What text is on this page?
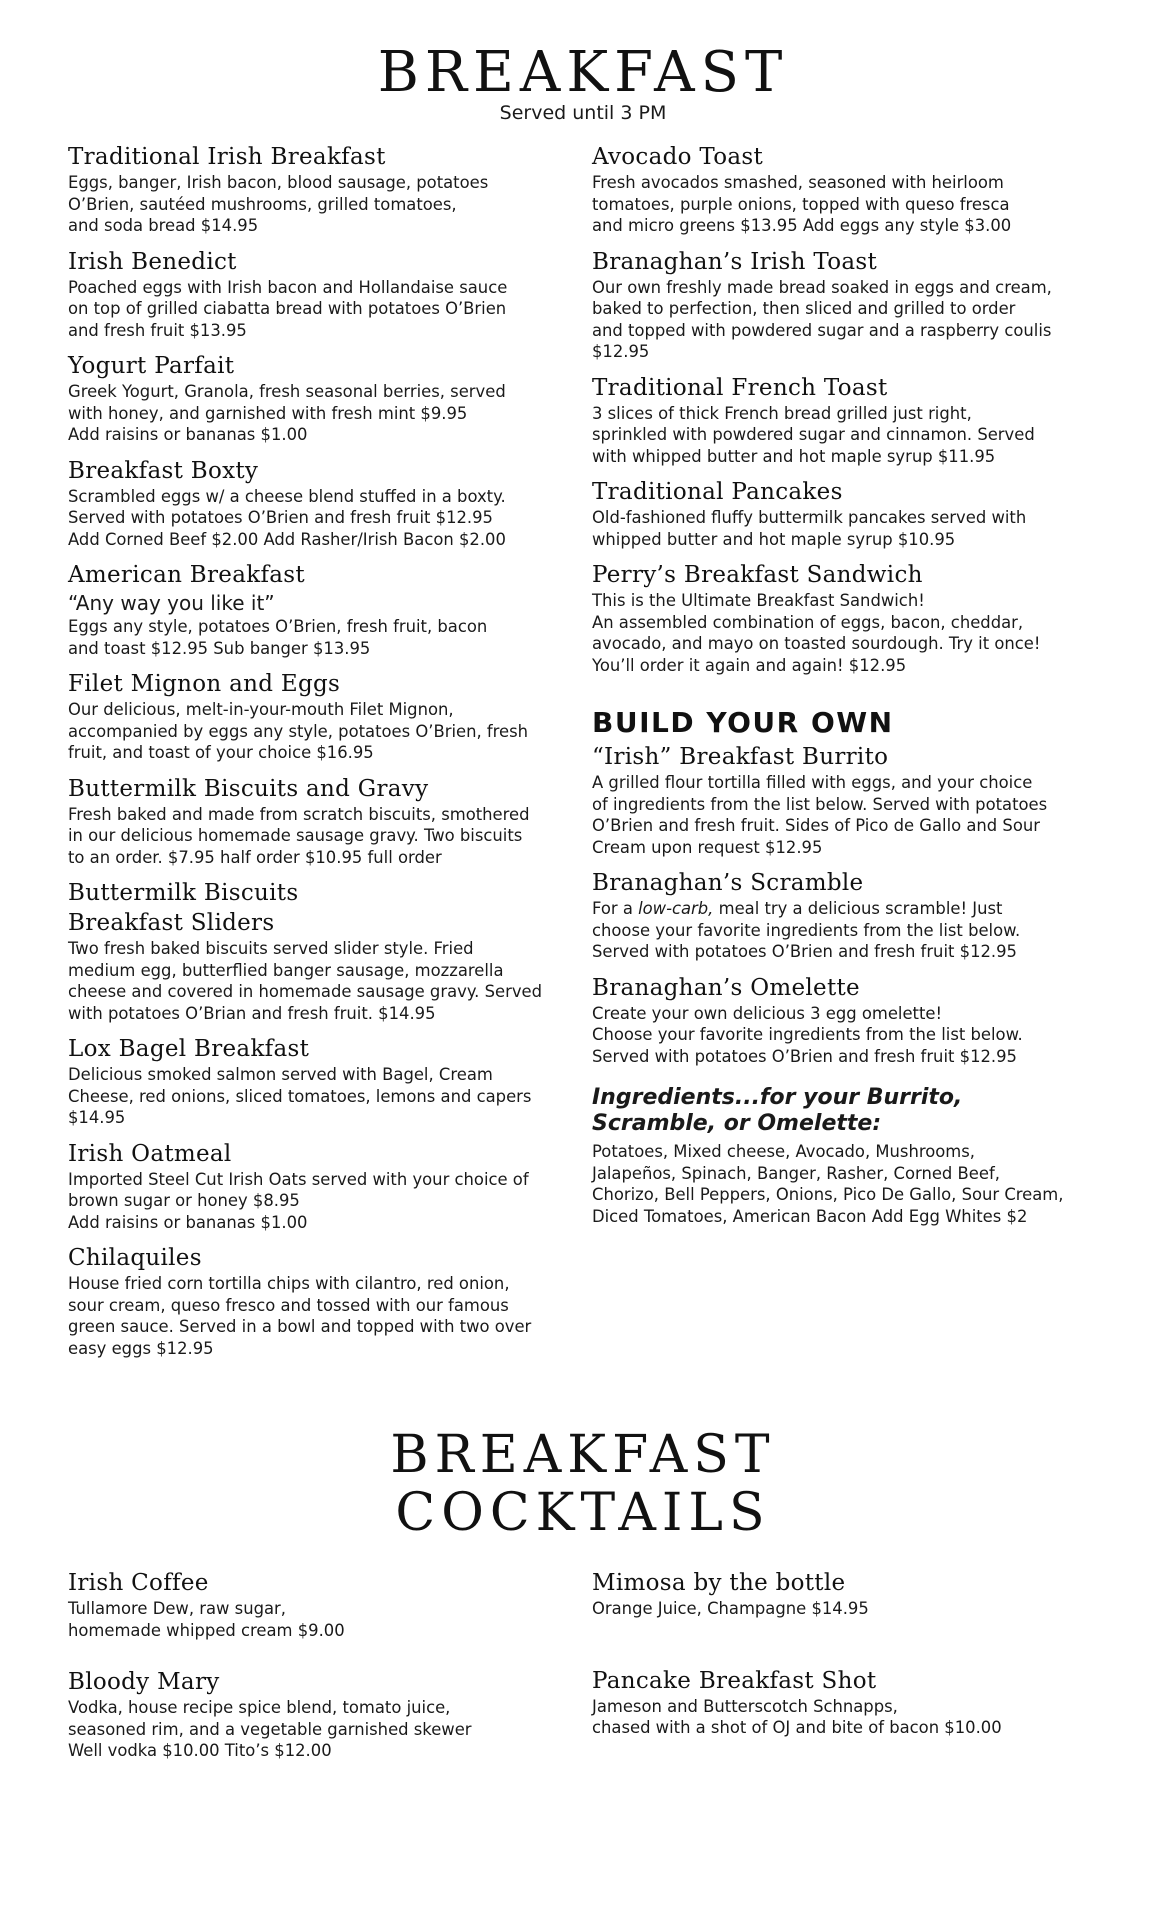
BREAKFAST

Served until 3 PM

Traditional Irish Breakfast

Eggs, banger, Irish bacon, blood sausage, potatoes
O’Brien, sautéed mushrooms, grilled tomatoes,
and soda bread $14.95

Irish Benedict

Poached eggs with Irish bacon and Hollandaise sauce
on top of grilled ciabatta bread with potatoes O’Brien
and fresh fruit $13.95

Yogurt Parfait

Greek Yogurt, Granola, fresh seasonal berries, served
with honey, and garnished with fresh mint $9.95
Add raisins or bananas $1.00

Breakfast Boxty

Scrambled eggs w/ a cheese blend stuffed in a boxty.
Served with potatoes O’Brien and fresh fruit $12.95
Add Corned Beef $2.00 Add Rasher/Irish Bacon $2.00

American Breakfast

“Any way you like it”

Eggs any style, potatoes O’Brien, fresh fruit, bacon
and toast $12.95 Sub banger $13.95

Filet Mignon and Eggs

Our delicious, melt-in-your-mouth Filet Mignon,
accompanied by eggs any style, potatoes O’Brien, fresh
fruit, and toast of your choice $16.95

Buttermilk Biscuits and Gravy

Fresh baked and made from scratch biscuits, smothered
in our delicious homemade sausage gravy. Two biscuits
to an order. $7.95 half order $10.95 full order

Buttermilk Biscuits
Breakfast Sliders

Two fresh baked biscuits served slider style. Fried
medium egg, butterflied banger sausage, mozzarella
cheese and covered in homemade sausage gravy. Served
with potatoes O’Brian and fresh fruit. $14.95

Lox Bagel Breakfast

Delicious smoked salmon served with Bagel, Cream
Cheese, red onions, sliced tomatoes, lemons and capers
$14.95

Irish Oatmeal

Imported Steel Cut Irish Oats served with your choice of
brown sugar or honey $8.95
Add raisins or bananas $1.00

Chilaquiles

House fried corn tortilla chips with cilantro, red onion,
sour cream, queso fresco and tossed with our famous
green sauce. Served in a bowl and topped with two over
easy eggs $12.95

Avocado Toast

Fresh avocados smashed, seasoned with heirloom
tomatoes, purple onions, topped with queso fresca
and micro greens $13.95 Add eggs any style $3.00

Branaghan’s Irish Toast

Our own freshly made bread soaked in eggs and cream,
baked to perfection, then sliced and grilled to order
and topped with powdered sugar and a raspberry coulis
$12.95

Traditional French Toast

3 slices of thick French bread grilled just right,
sprinkled with powdered sugar and cinnamon. Served
with whipped butter and hot maple syrup $11.95

Traditional Pancakes

Old-fashioned fluffy buttermilk pancakes served with
whipped butter and hot maple syrup $10.95

Perry’s Breakfast Sandwich

This is the Ultimate Breakfast Sandwich!
An assembled combination of eggs, bacon, cheddar,
avocado, and mayo on toasted sourdough. Try it once!
You’ll order it again and again! $12.95

BUILD YOUR OWN

“Irish” Breakfast Burrito

A grilled flour tortilla filled with eggs, and your choice
of ingredients from the list below. Served with potatoes
O’Brien and fresh fruit. Sides of Pico de Gallo and Sour
Cream upon request $12.95

Branaghan’s Scramble

For a low-carb, meal try a delicious scramble! Just
choose your favorite ingredients from the list below.
Served with potatoes O’Brien and fresh fruit $12.95

Branaghan’s Omelette

Create your own delicious 3 egg omelette!
Choose your favorite ingredients from the list below.
Served with potatoes O’Brien and fresh fruit $12.95

Ingredients...for your Burrito,
Scramble, or Omelette:

Potatoes, Mixed cheese, Avocado, Mushrooms,
Jalapeños, Spinach, Banger, Rasher, Corned Beef,
Chorizo, Bell Peppers, Onions, Pico De Gallo, Sour Cream,
Diced Tomatoes, American Bacon Add Egg Whites $2

BREAKFAST
COCKTAILS

Irish Coffee

Tullamore Dew, raw sugar,
homemade whipped cream $9.00

Bloody Mary

Vodka, house recipe spice blend, tomato juice,
seasoned rim, and a vegetable garnished skewer
Well vodka $10.00 Tito’s $12.00

Mimosa by the bottle

Orange Juice, Champagne $14.95

Pancake Breakfast Shot

Jameson and Butterscotch Schnapps,
chased with a shot of OJ and bite of bacon $10.00
